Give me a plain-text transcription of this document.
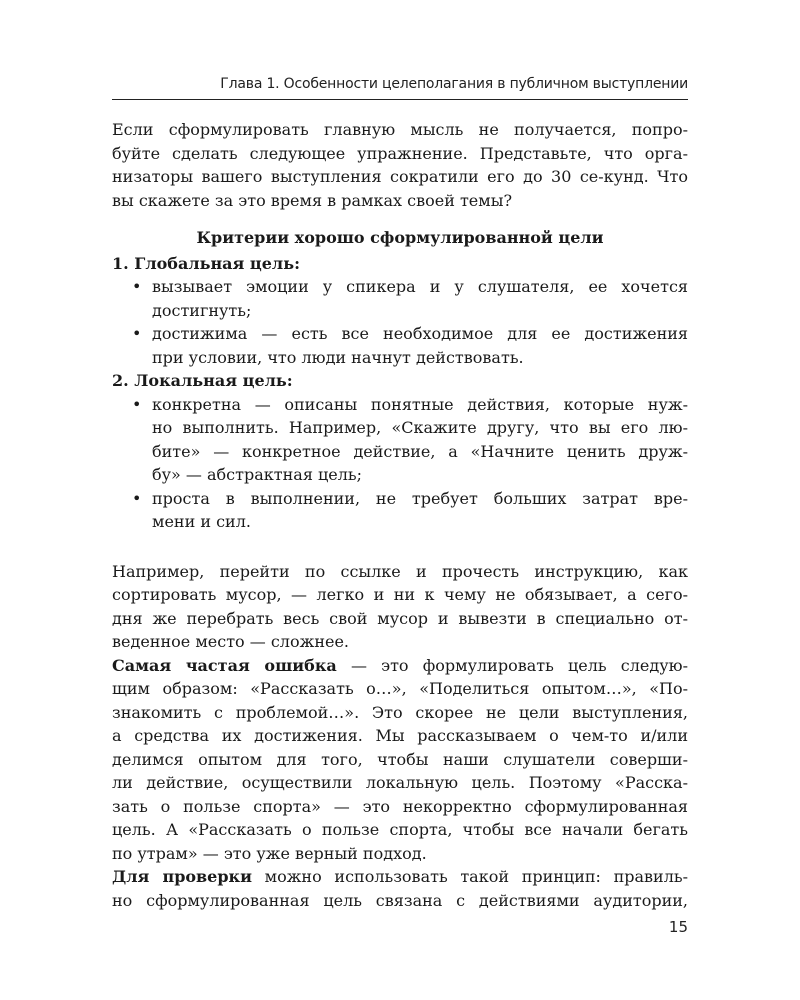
Глава 1. Особенности целеполагания в публичном выступлении

Если сформулировать главную мысль не получается, попро-
буйте сделать следующее упражнение. Представьте, что орга-
низаторы вашего выступления сократили его до 30 се-кунд. Что
вы скажете за это время в рамках своей темы?

Критерии хорошо сформулированной цели
1. Глобальная цель:
• вызывает эмоции у спикера и у слушателя, ее хочется
достигнуть;
• достижима — есть все необходимое для ее достижения
при условии, что люди начнут действовать.
2. Локальная цель:
• конкретна — описаны понятные действия, которые нуж-
но выполнить. Например, «Скажите другу, что вы его лю-
бите» — конкретное действие, а «Начните ценить друж-
бу» — абстрактная цель;
• проста в выполнении, не требует больших затрат вре-
мени и сил.

Например, перейти по ссылке и прочесть инструкцию, как
сортировать мусор, — легко и ни к чему не обязывает, а сего-
дня же перебрать весь свой мусор и вывезти в специально от-
веденное место — сложнее.

Самая частая ошибка — это формулировать цель следую-
щим образом: «Рассказать о…», «Поделиться опытом…», «По-
знакомить с проблемой…». Это скорее не цели выступления,
а средства их достижения. Мы рассказываем о чем-то и/или
делимся опытом для того, чтобы наши слушатели соверши-
ли действие, осуществили локальную цель. Поэтому «Расска-
зать о пользе спорта» — это некорректно сформулированная
цель. А «Рассказать о пользе спорта, чтобы все начали бегать
по утрам» — это уже верный подход.

Для проверки можно использовать такой принцип: правиль-
но сформулированная цель связана с действиями аудитории,

15
